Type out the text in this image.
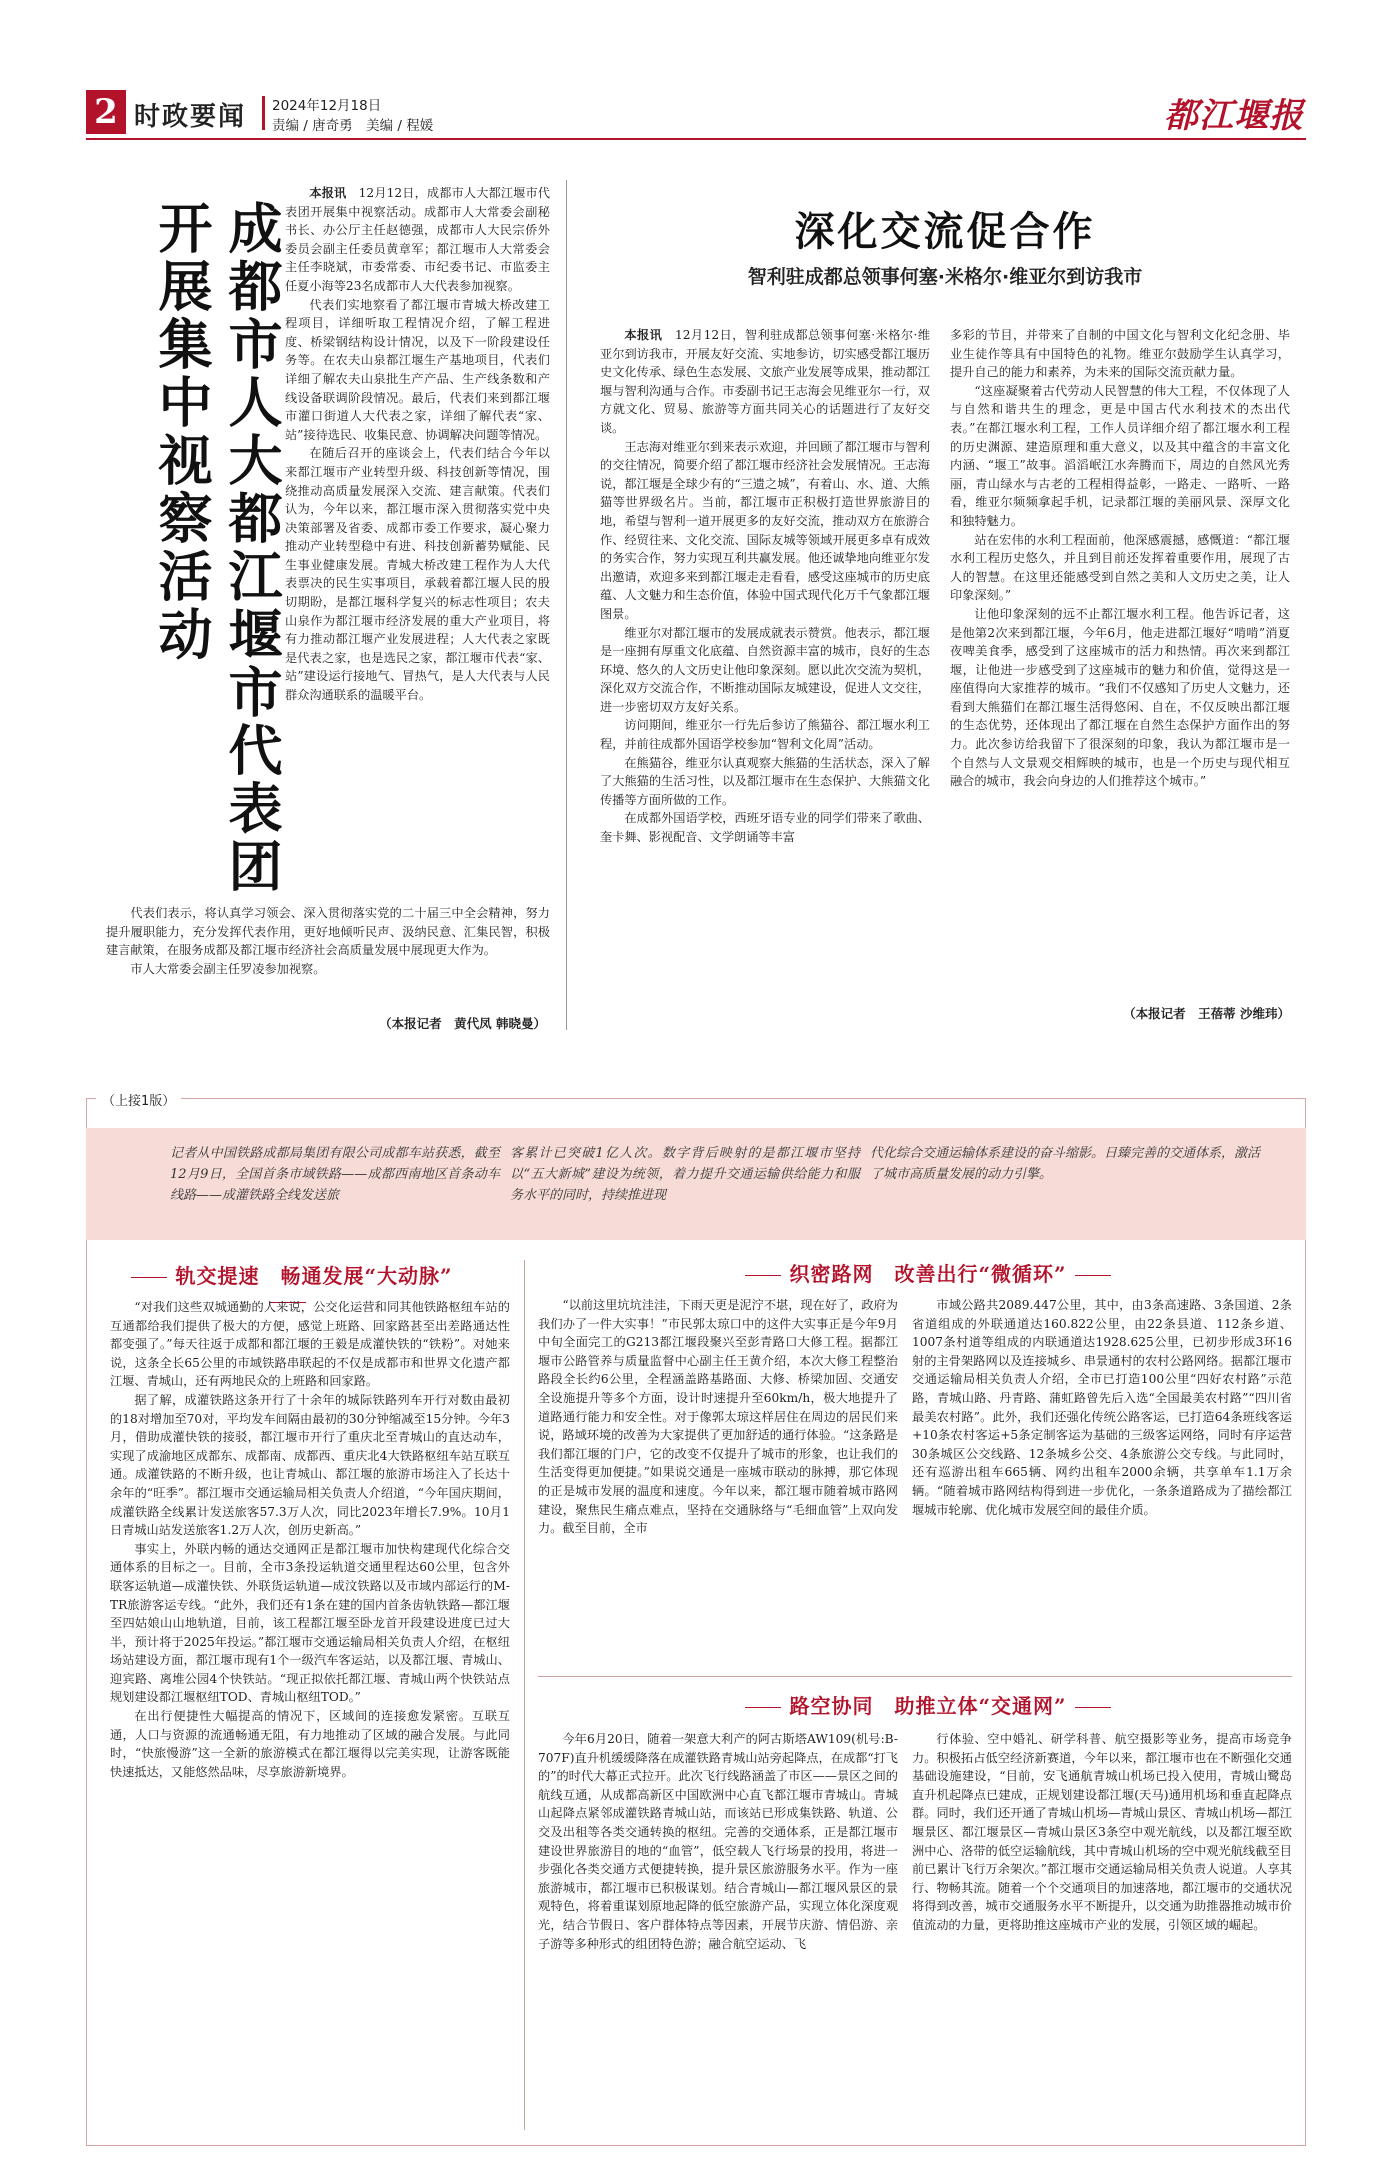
2 时政要闻 2024年12月18日
责编 / 唐奇勇　美编 / 程媛	都江堰报
成都市人大都江堰市代表团
开展集中视察活动

本报讯　12月12日，成都市人大都江堰市代表团开展集中视察活动。成都市人大常委会副秘书长、办公厅主任赵德强，成都市人大民宗侨外委员会副主任委员黄章军；都江堰市人大常委会主任李晓斌，市委常委、市纪委书记、市监委主任夏小海等23名成都市人大代表参加视察。

代表们实地察看了都江堰市青城大桥改建工程项目，详细听取工程情况介绍，了解工程进度、桥梁钢结构设计情况，以及下一阶段建设任务等。在农夫山泉都江堰生产基地项目，代表们详细了解农夫山泉批生产产品、生产线条数和产线设备联调阶段情况。最后，代表们来到都江堰市灌口街道人大代表之家，详细了解代表“家、站”接待选民、收集民意、协调解决问题等情况。

在随后召开的座谈会上，代表们结合今年以来都江堰市产业转型升级、科技创新等情况，围绕推动高质量发展深入交流、建言献策。代表们认为，今年以来，都江堰市深入贯彻落实党中央决策部署及省委、成都市委工作要求，凝心聚力推动产业转型稳中有进、科技创新蓄势赋能、民生事业健康发展。青城大桥改建工程作为人大代表票决的民生实事项目，承载着都江堰人民的殷切期盼，是都江堰科学复兴的标志性项目；农夫山泉作为都江堰市经济发展的重大产业项目，将有力推动都江堰产业发展进程；人大代表之家既是代表之家，也是选民之家，都江堰市代表“家、站”建设运行接地气、冒热气，是人大代表与人民群众沟通联系的温暖平台。

代表们表示，将认真学习领会、深入贯彻落实党的二十届三中全会精神，努力提升履职能力，充分发挥代表作用，更好地倾听民声、汲纳民意、汇集民智，积极建言献策，在服务成都及都江堰市经济社会高质量发展中展现更大作为。

市人大常委会副主任罗凌参加视察。

（本报记者　黄代凤 韩晓曼）
深化交流促合作
智利驻成都总领事何塞·米格尔·维亚尔到访我市

本报讯　12月12日，智利驻成都总领事何塞·米格尔·维亚尔到访我市，开展友好交流、实地参访，切实感受都江堰历史文化传承、绿色生态发展、文旅产业发展等成果，推动都江堰与智利沟通与合作。市委副书记王志海会见维亚尔一行，双方就文化、贸易、旅游等方面共同关心的话题进行了友好交谈。

王志海对维亚尔到来表示欢迎，并回顾了都江堰市与智利的交往情况，简要介绍了都江堰市经济社会发展情况。王志海说，都江堰是全球少有的“三遗之城”，有着山、水、道、大熊猫等世界级名片。当前，都江堰市正积极打造世界旅游目的地，希望与智利一道开展更多的友好交流，推动双方在旅游合作、经贸往来、文化交流、国际友城等领域开展更多卓有成效的务实合作，努力实现互利共赢发展。他还诚挚地向维亚尔发出邀请，欢迎多来到都江堰走走看看，感受这座城市的历史底蕴、人文魅力和生态价值，体验中国式现代化万千气象都江堰图景。

维亚尔对都江堰市的发展成就表示赞赏。他表示，都江堰是一座拥有厚重文化底蕴、自然资源丰富的城市，良好的生态环境、悠久的人文历史让他印象深刻。愿以此次交流为契机，深化双方交流合作，不断推动国际友城建设，促进人文交往，进一步密切双方友好关系。

访问期间，维亚尔一行先后参访了熊猫谷、都江堰水利工程，并前往成都外国语学校参加“智利文化周”活动。

在熊猫谷，维亚尔认真观察大熊猫的生活状态，深入了解了大熊猫的生活习性，以及都江堰市在生态保护、大熊猫文化传播等方面所做的工作。

在成都外国语学校，西班牙语专业的同学们带来了歌曲、奎卡舞、影视配音、文学朗诵等丰富

多彩的节目，并带来了自制的中国文化与智利文化纪念册、毕业生徒作等具有中国特色的礼物。维亚尔鼓励学生认真学习，提升自己的能力和素养，为未来的国际交流贡献力量。

“这座凝聚着古代劳动人民智慧的伟大工程，不仅体现了人与自然和谐共生的理念，更是中国古代水利技术的杰出代表。”在都江堰水利工程，工作人员详细介绍了都江堰水利工程的历史渊源、建造原理和重大意义，以及其中蕴含的丰富文化内涵、“堰工”故事。滔滔岷江水奔腾而下，周边的自然风光秀丽，青山绿水与古老的工程相得益彰，一路走、一路听、一路看，维亚尔频频拿起手机，记录都江堰的美丽风景、深厚文化和独特魅力。

站在宏伟的水利工程面前，他深感震撼，感慨道：“都江堰水利工程历史悠久，并且到目前还发挥着重要作用，展现了古人的智慧。在这里还能感受到自然之美和人文历史之美，让人印象深刻。”

让他印象深刻的远不止都江堰水利工程。他告诉记者，这是他第2次来到都江堰，今年6月，他走进都江堰好“啃啃”消夏夜啤美食季，感受到了这座城市的活力和热情。再次来到都江堰，让他进一步感受到了这座城市的魅力和价值，觉得这是一座值得向大家推荐的城市。“我们不仅感知了历史人文魅力，还看到大熊猫们在都江堰生活得悠闲、自在，不仅反映出都江堰的生态优势，还体现出了都江堰在自然生态保护方面作出的努力。此次参访给我留下了很深刻的印象，我认为都江堰市是一个自然与人文景观交相辉映的城市，也是一个历史与现代相互融合的城市，我会向身边的人们推荐这个城市。”

（本报记者　王蓓蒂 沙维玮）
（上接1版）

记者从中国铁路成都局集团有限公司成都车站获悉，截至12月9日，全国首条市域铁路——成都西南地区首条动车线路——成灌铁路全线发送旅

客累计已突破1亿人次。数字背后映射的是都江堰市坚持以“五大新城”建设为统领，着力提升交通运输供给能力和服务水平的同时，持续推进现

代化综合交通运输体系建设的奋斗缩影。日臻完善的交通体系，激活了城市高质量发展的动力引擎。

轨交提速　畅通发展“大动脉”	织密路网　改善出行“微循环”
路空协同　助推立体“交通网”

“对我们这些双城通勤的人来说，公交化运营和同其他铁路枢纽车站的互通都给我们提供了极大的方便，感觉上班路、回家路甚至出差路通达性都变强了。”每天往返于成都和都江堰的王毅是成灌快铁的“铁粉”。对她来说，这条全长65公里的市域铁路串联起的不仅是成都市和世界文化遗产都江堰、青城山，还有两地民众的上班路和回家路。

据了解，成灌铁路这条开行了十余年的城际铁路列车开行对数由最初的18对增加至70对，平均发车间隔由最初的30分钟缩减至15分钟。今年3月，借助成灌快铁的接驳，都江堰市开行了重庆北至青城山的直达动车，实现了成渝地区成都东、成都南、成都西、重庆北4大铁路枢纽车站互联互通。成灌铁路的不断升级，也让青城山、都江堰的旅游市场注入了长达十余年的“旺季”。都江堰市交通运输局相关负责人介绍道，“今年国庆期间，成灌铁路全线累计发送旅客57.3万人次，同比2023年增长7.9%。10月1日青城山站发送旅客1.2万人次，创历史新高。”

事实上，外联内畅的通达交通网正是都江堰市加快构建现代化综合交通体系的目标之一。目前，全市3条投运轨道交通里程达60公里，包含外联客运轨道—成灌快铁、外联货运轨道—成汶铁路以及市域内部运行的M-TR旅游客运专线。“此外，我们还有1条在建的国内首条齿轨铁路—都江堰至四姑娘山山地轨道，目前，该工程都江堰至卧龙首开段建设进度已过大半，预计将于2025年投运。”都江堰市交通运输局相关负责人介绍，在枢纽场站建设方面，都江堰市现有1个一级汽车客运站，以及都江堰、青城山、迎宾路、离堆公园4个快铁站。“现正拟依托都江堰、青城山两个快铁站点规划建设都江堰枢纽TOD、青城山枢纽TOD。”

在出行便捷性大幅提高的情况下，区域间的连接愈发紧密。互联互通，人口与资源的流通畅通无阻，有力地推动了区域的融合发展。与此同时，“快旅慢游”这一全新的旅游模式在都江堰得以完美实现，让游客既能快速抵达，又能悠然品味，尽享旅游新境界。

“以前这里坑坑洼洼，下雨天更是泥泞不堪，现在好了，政府为我们办了一件大实事！”市民郭太琼口中的这件大实事正是今年9月中旬全面完工的G213都江堰段聚兴至彭青路口大修工程。据都江堰市公路管养与质量监督中心副主任王黄介绍，本次大修工程整治路段全长约6公里，全程涵盖路基路面、大修、桥梁加固、交通安全设施提升等多个方面，设计时速提升至60km/h，极大地提升了道路通行能力和安全性。对于像郭太琼这样居住在周边的居民们来说，路域环境的改善为大家提供了更加舒适的通行体验。“这条路是我们都江堰的门户，它的改变不仅提升了城市的形象，也让我们的生活变得更加便捷。”如果说交通是一座城市联动的脉搏，那它体现的正是城市发展的温度和速度。今年以来，都江堰市随着城市路网建设，聚焦民生痛点难点，坚持在交通脉络与“毛细血管”上双向发力。截至目前，全市

市域公路共2089.447公里，其中，由3条高速路、3条国道、2条省道组成的外联通道达160.822公里，由22条县道、112条乡道、1007条村道等组成的内联通道达1928.625公里，已初步形成3环16射的主骨架路网以及连接城乡、串景通村的农村公路网络。据都江堰市交通运输局相关负责人介绍，全市已打造100公里“四好农村路”示范路，青城山路、丹青路、蒲虹路曾先后入选“全国最美农村路”“四川省最美农村路”。此外，我们还强化传统公路客运，已打造64条班线客运+10条农村客运+5条定制客运为基础的三级客运网络，同时有序运营30条城区公交线路、12条城乡公交、4条旅游公交专线。与此同时，还有巡游出租车665辆、网约出租车2000余辆，共享单车1.1万余辆。“随着城市路网结构得到进一步优化，一条条道路成为了描绘都江堰城市轮廓、优化城市发展空间的最佳介质。

今年6月20日，随着一架意大利产的阿古斯塔AW109(机号:B-707F)直升机缓缓降落在成灌铁路青城山站旁起降点，在成都“打飞的”的时代大幕正式拉开。此次飞行线路涵盖了市区——景区之间的航线互通，从成都高新区中国欧洲中心直飞都江堰市青城山。青城山起降点紧邻成灌铁路青城山站，而该站已形成集铁路、轨道、公交及出租等各类交通转换的枢纽。完善的交通体系，正是都江堰市建设世界旅游目的地的“血管”，低空载人飞行场景的投用，将进一步强化各类交通方式便捷转换，提升景区旅游服务水平。作为一座旅游城市，都江堰市已积极谋划。结合青城山—都江堰风景区的景观特色，将着重谋划原地起降的低空旅游产品，实现立体化深度观光，结合节假日、客户群体特点等因素，开展节庆游、情侣游、亲子游等多种形式的组团特色游；融合航空运动、飞

行体验、空中婚礼、研学科普、航空摄影等业务，提高市场竞争力。积极拓占低空经济新赛道，今年以来，都江堰市也在不断强化交通基础设施建设，“目前，安飞通航青城山机场已投入使用，青城山鹭岛直升机起降点已建成，正规划建设都江堰(天马)通用机场和垂直起降点群。同时，我们还开通了青城山机场—青城山景区、青城山机场—都江堰景区、都江堰景区—青城山景区3条空中观光航线，以及都江堰至欧洲中心、洛带的低空运输航线，其中青城山机场的空中观光航线截至目前已累计飞行万余架次。”都江堰市交通运输局相关负责人说道。人享其行、物畅其流。随着一个个交通项目的加速落地，都江堰市的交通状况将得到改善，城市交通服务水平不断提升，以交通为助推器推动城市价值流动的力量，更将助推这座城市产业的发展，引领区域的崛起。
